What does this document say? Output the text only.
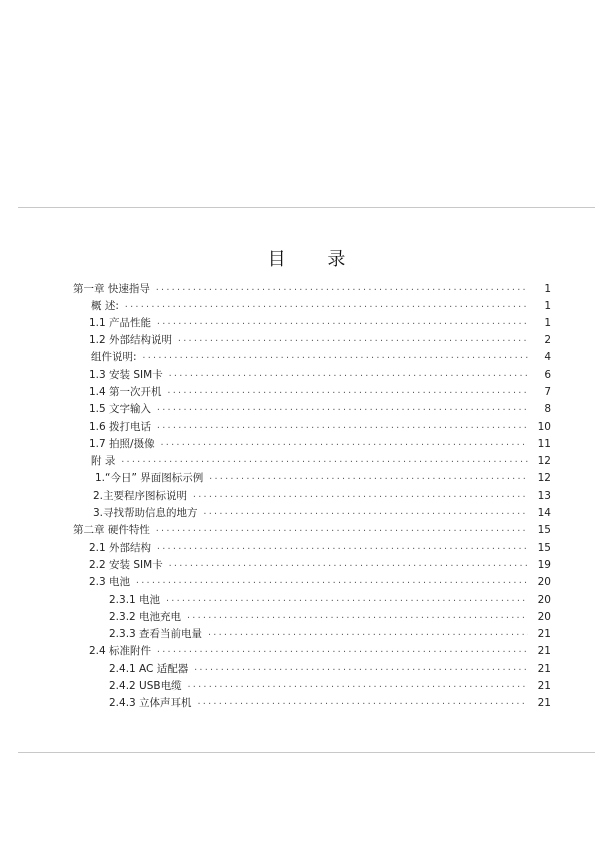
目 录
第一章 快速指导 ·····	1
概 述: ·····	1
1.1 产品性能 ·····	1
1.2 外部结构说明 ·····	2
组件说明: ·····	4
1.3 安装 SIM卡 ·····	6
1.4 第一次开机 ·····	7
1.5 文字输入 ·····	8
1.6 拨打电话 ·····	10
1.7 拍照/摄像 ·····	11
附 录 ·····	12
1.“今日” 界面图标示例 ·····	12
2.主要程序图标说明 ·····	13
3.寻找帮助信息的地方 ·····	14
第二章 硬件特性 ·····	15
2.1 外部结构 ·····	15
2.2 安装 SIM卡 ·····	19
2.3 电池 ·····	20
2.3.1 电池 ·····	20
2.3.2 电池充电 ·····	20
2.3.3 查看当前电量 ·····	21
2.4 标准附件 ·····	21
2.4.1 AC 适配器 ·····	21
2.4.2 USB电缆 ·····	21
2.4.3 立体声耳机 ·····	21
